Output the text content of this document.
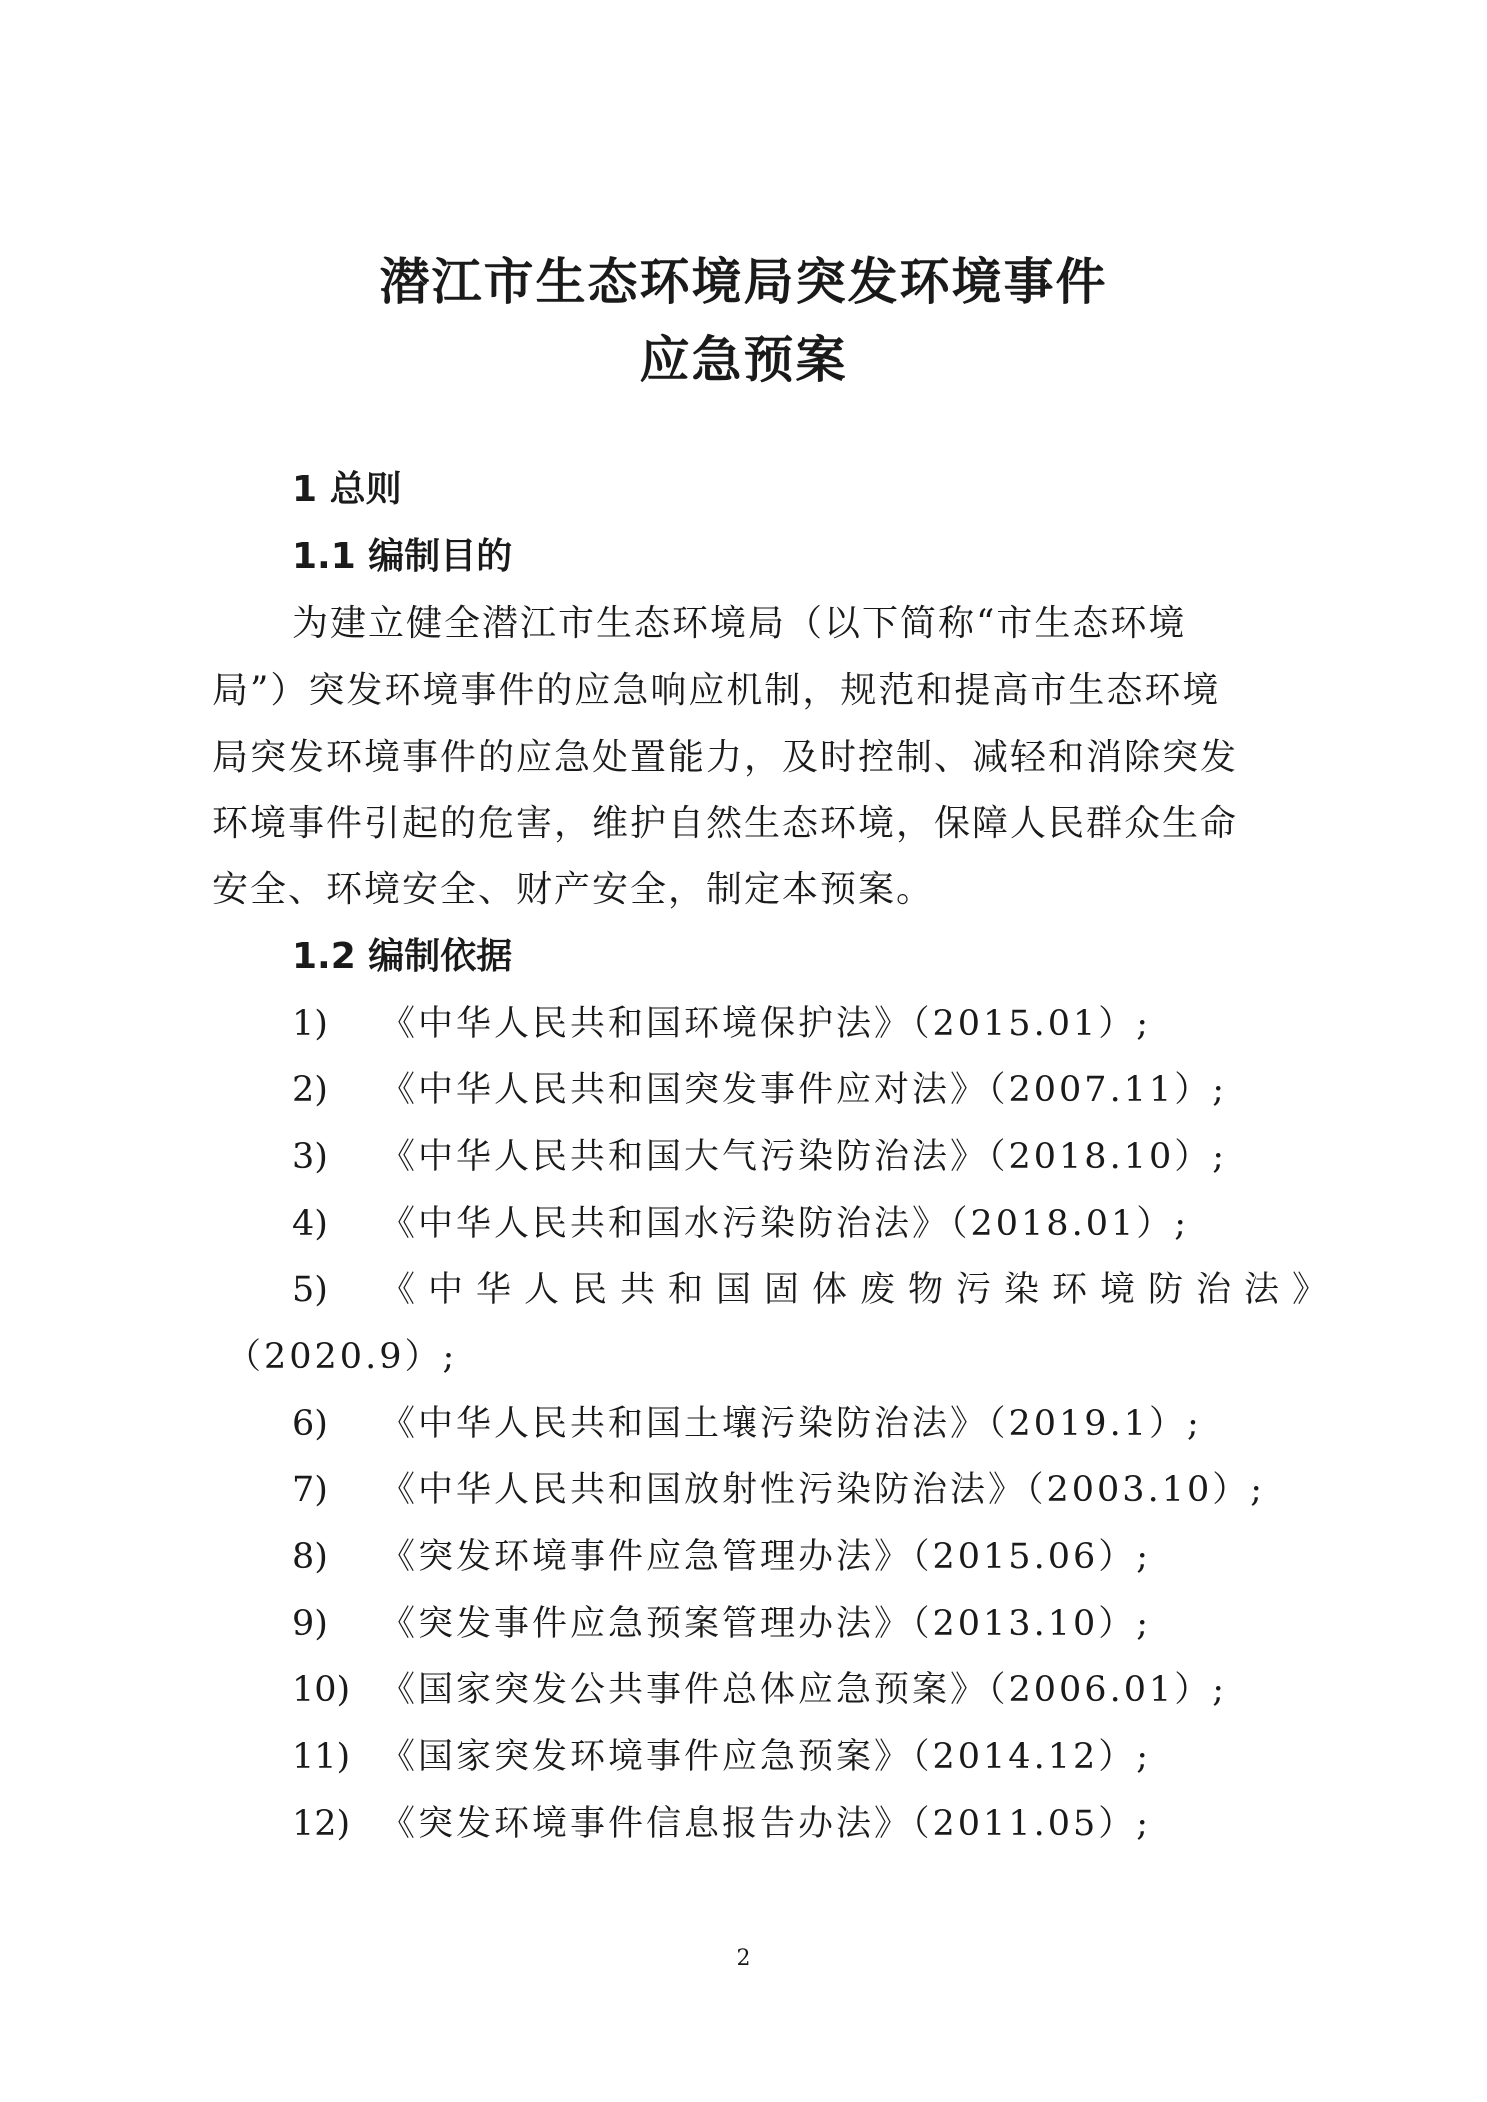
潜江市生态环境局突发环境事件
应急预案
1 总则
1.1 编制目的
为建立健全潜江市生态环境局（以下简称“市生态环境
局”）突发环境事件的应急响应机制，规范和提高市生态环境
局突发环境事件的应急处置能力，及时控制、减轻和消除突发
环境事件引起的危害，维护自然生态环境，保障人民群众生命
安全、环境安全、财产安全，制定本预案。
1.2 编制依据
1) 《中华人民共和国环境保护法》（2015.01）;
2) 《中华人民共和国突发事件应对法》（2007.11）;
3) 《中华人民共和国大气污染防治法》（2018.10）;
4) 《中华人民共和国水污染防治法》（2018.01）;
5) 《中华人民共和国固体废物污染环境防治法》
（2020.9）;
6) 《中华人民共和国土壤污染防治法》（2019.1）;
7) 《中华人民共和国放射性污染防治法》（2003.10）;
8) 《突发环境事件应急管理办法》（2015.06）;
9) 《突发事件应急预案管理办法》（2013.10）;
10) 《国家突发公共事件总体应急预案》（2006.01）;
11) 《国家突发环境事件应急预案》（2014.12）;
12) 《突发环境事件信息报告办法》（2011.05）;
2
